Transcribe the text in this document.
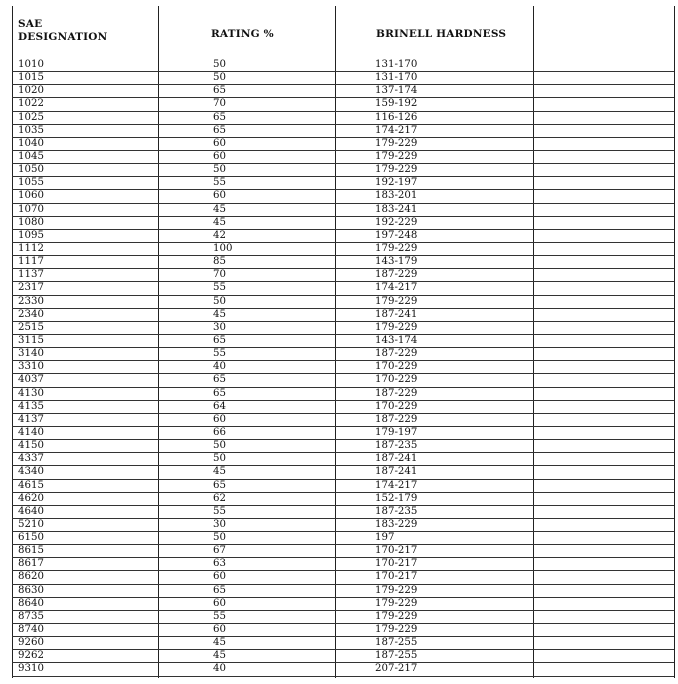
SAE
DESIGNATION	RATING %	BRINELL HARDNESS
1010	50	131-170
1015	50	131-170
1020	65	137-174
1022	70	159-192
1025	65	116-126
1035	65	174-217
1040	60	179-229
1045	60	179-229
1050	50	179-229
1055	55	192-197
1060	60	183-201
1070	45	183-241
1080	45	192-229
1095	42	197-248
1112	100	179-229
1117	85	143-179
1137	70	187-229
2317	55	174-217
2330	50	179-229
2340	45	187-241
2515	30	179-229
3115	65	143-174
3140	55	187-229
3310	40	170-229
4037	65	170-229
4130	65	187-229
4135	64	170-229
4137	60	187-229
4140	66	179-197
4150	50	187-235
4337	50	187-241
4340	45	187-241
4615	65	174-217
4620	62	152-179
4640	55	187-235
5210	30	183-229
6150	50	197
8615	67	170-217
8617	63	170-217
8620	60	170-217
8630	65	179-229
8640	60	179-229
8735	55	179-229
8740	60	179-229
9260	45	187-255
9262	45	187-255
9310	40	207-217
